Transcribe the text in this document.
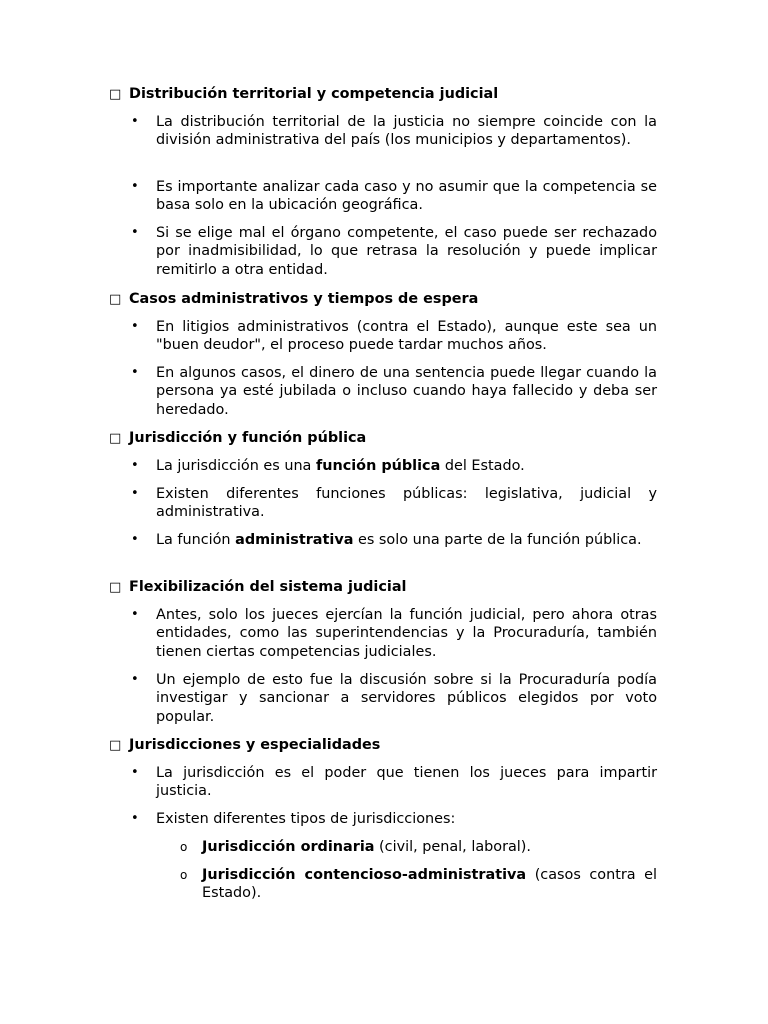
□ Distribución territorial y competencia judicial
•	La distribución territorial de la justicia no siempre coincide con la división administrativa del país (los municipios y departamentos).

•	Es importante analizar cada caso y no asumir que la competencia se basa solo en la ubicación geográfica.

•	Si se elige mal el órgano competente, el caso puede ser rechazado por inadmisibilidad, lo que retrasa la resolución y puede implicar remitirlo a otra entidad.

□ Casos administrativos y tiempos de espera
•	En litigios administrativos (contra el Estado), aunque este sea un "buen deudor", el proceso puede tardar muchos años.

•	En algunos casos, el dinero de una sentencia puede llegar cuando la persona ya esté jubilada o incluso cuando haya fallecido y deba ser heredado.

□ Jurisdicción y función pública
•	La jurisdicción es una función pública del Estado.

•	Existen diferentes funciones públicas: legislativa, judicial y administrativa.

•	La función administrativa es solo una parte de la función pública.

□ Flexibilización del sistema judicial
•	Antes, solo los jueces ejercían la función judicial, pero ahora otras entidades, como las superintendencias y la Procuraduría, también tienen ciertas competencias judiciales.

•	Un ejemplo de esto fue la discusión sobre si la Procuraduría podía investigar y sancionar a servidores públicos elegidos por voto popular.

□ Jurisdicciones y especialidades
•	La jurisdicción es el poder que tienen los jueces para impartir justicia.

•	Existen diferentes tipos de jurisdicciones:

o	Jurisdicción ordinaria (civil, penal, laboral).

o	Jurisdicción contencioso-administrativa (casos contra el Estado).
